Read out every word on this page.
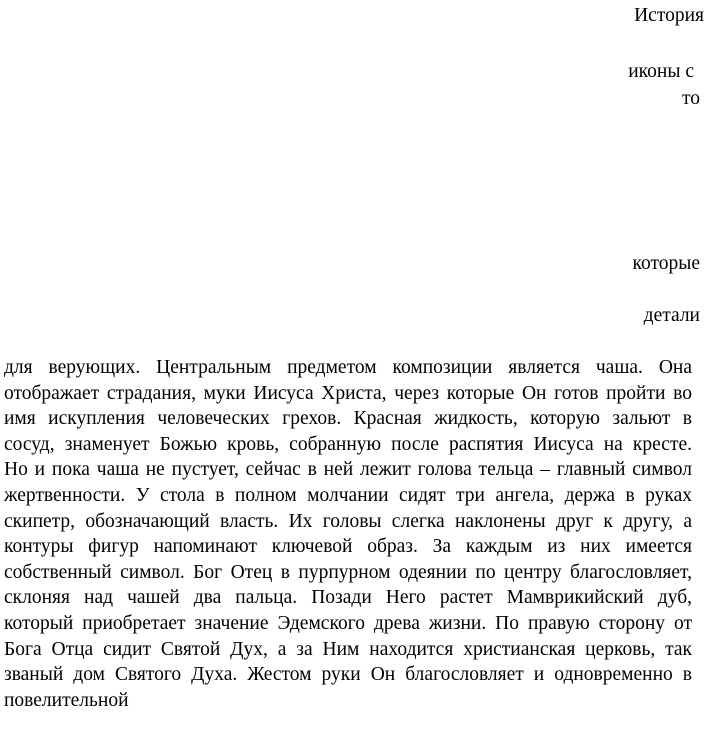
История
иконы с
то
которые
детали
для верующих. Центральным предметом композиции является чаша. Она
отображает страдания, муки Иисуса Христа, через которые Он готов пройти во
имя искупления человеческих грехов. Красная жидкость, которую зальют в
сосуд, знаменует Божью кровь, собранную после распятия Иисуса на кресте.
Но и пока чаша не пустует, сейчас в ней лежит голова тельца – главный символ
жертвенности. У стола в полном молчании сидят три ангела, держа в руках
скипетр, обозначающий власть. Их головы слегка наклонены друг к другу, а
контуры фигур напоминают ключевой образ. За каждым из них имеется
собственный символ. Бог Отец в пурпурном одеянии по центру благословляет,
склоняя над чашей два пальца. Позади Него растет Мамврикийский дуб,
который приобретает значение Эдемского древа жизни. По правую сторону от
Бога Отца сидит Святой Дух, а за Ним находится христианская церковь, так
званый дом Святого Духа. Жестом руки Он благословляет и одновременно в
повелительной
